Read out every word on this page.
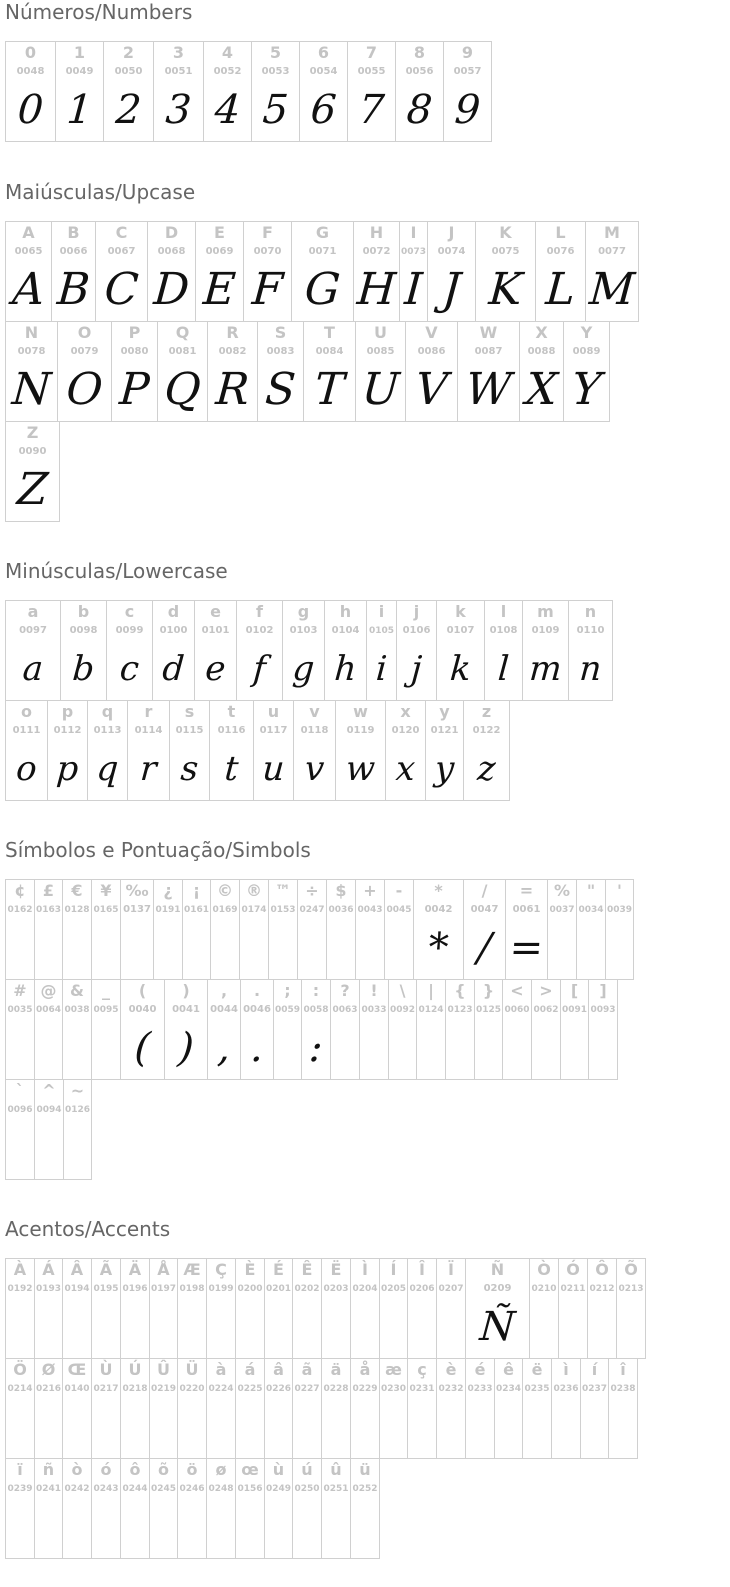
Números/Numbers
0
0048
0
1
0049
1
2
0050
2
3
0051
3
4
0052
4
5
0053
5
6
0054
6
7
0055
7
8
0056
8
9
0057
9
Maiúsculas/Upcase
A
0065
A
B
0066
B
C
0067
C
D
0068
D
E
0069
E
F
0070
F
G
0071
G
H
0072
H
I
0073
I
J
0074
J
K
0075
K
L
0076
L
M
0077
M
N
0078
N
O
0079
O
P
0080
P
Q
0081
Q
R
0082
R
S
0083
S
T
0084
T
U
0085
U
V
0086
V
W
0087
W
X
0088
X
Y
0089
Y
Z
0090
Z
Minúsculas/Lowercase
a
0097
a
b
0098
b
c
0099
c
d
0100
d
e
0101
e
f
0102
f
g
0103
g
h
0104
h
i
0105
i
j
0106
j
k
0107
k
l
0108
l
m
0109
m
n
0110
n
o
0111
o
p
0112
p
q
0113
q
r
0114
r
s
0115
s
t
0116
t
u
0117
u
v
0118
v
w
0119
w
x
0120
x
y
0121
y
z
0122
z
Símbolos e Pontuação/Simbols
¢
0162
£
0163
€
0128
¥
0165
‰
0137
¿
0191
¡
0161
©
0169
®
0174
™
0153
÷
0247
$
0036
+
0043
-
0045
*
0042
*
/
0047
/
=
0061
=
%
0037
"
0034
'
0039
#
0035
@
0064
&
0038
_
0095
(
0040
(
)
0041
)
,
0044
,
.
0046
.
;
0059
:
0058
:
?
0063
!
0033
\
0092
|
0124
{
0123
}
0125
<
0060
>
0062
[
0091
]
0093
`
0096
^
0094
~
0126
Acentos/Accents
À
0192
Á
0193
Â
0194
Ã
0195
Ä
0196
Å
0197
Æ
0198
Ç
0199
È
0200
É
0201
Ê
0202
Ë
0203
Ì
0204
Í
0205
Î
0206
Ï
0207
Ñ
0209
Ñ
Ò
0210
Ó
0211
Ô
0212
Õ
0213
Ö
0214
Ø
0216
Œ
0140
Ù
0217
Ú
0218
Û
0219
Ü
0220
à
0224
á
0225
â
0226
ã
0227
ä
0228
å
0229
æ
0230
ç
0231
è
0232
é
0233
ê
0234
ë
0235
ì
0236
í
0237
î
0238
ï
0239
ñ
0241
ò
0242
ó
0243
ô
0244
õ
0245
ö
0246
ø
0248
œ
0156
ù
0249
ú
0250
û
0251
ü
0252
